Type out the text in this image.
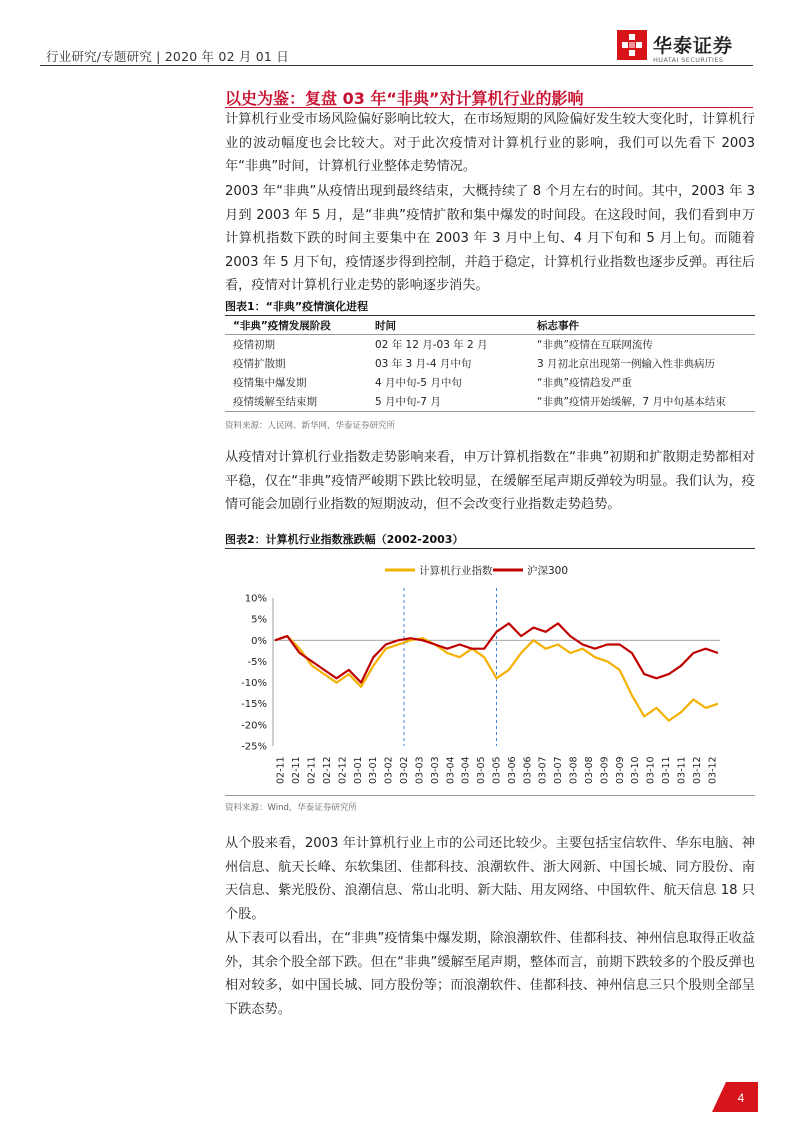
行业研究/专题研究 | 2020 年 02 月 01 日	华泰证券
HUATAI SECURITIES
以史为鉴：复盘 03 年“非典”对计算机行业的影响
计算机行业受市场风险偏好影响比较大，在市场短期的风险偏好发生较大变化时，计算机行业的波动幅度也会比较大。对于此次疫情对计算机行业的影响，我们可以先看下 2003 年“非典”时间，计算机行业整体走势情况。
2003 年“非典”从疫情出现到最终结束，大概持续了 8 个月左右的时间。其中，2003 年 3 月到 2003 年 5 月，是“非典”疫情扩散和集中爆发的时间段。在这段时间，我们看到申万计算机指数下跌的时间主要集中在 2003 年 3 月中上旬、4 月下旬和 5 月上旬。而随着 2003 年 5 月下旬，疫情逐步得到控制，并趋于稳定，计算机行业指数也逐步反弹。再往后看，疫情对计算机行业走势的影响逐步消失。
图表1：“非典”疫情演化进程
“非典”疫情发展阶段	时间	标志事件
疫情初期	02 年 12 月-03 年 2 月	“非典”疫情在互联网流传
疫情扩散期	03 年 3 月-4 月中旬	3 月初北京出现第一例输入性非典病历
疫情集中爆发期	4 月中旬-5 月中旬	“非典”疫情趋发严重
疫情缓解至结束期	5 月中旬-7 月	“非典”疫情开始缓解，7 月中旬基本结束
资料来源：人民网、新华网，华泰证券研究所
从疫情对计算机行业指数走势影响来看，申万计算机指数在“非典”初期和扩散期走势都相对平稳，仅在“非典”疫情严峻期下跌比较明显，在缓解至尾声期反弹较为明显。我们认为，疫情可能会加剧行业指数的短期波动，但不会改变行业指数走势趋势。
图表2：计算机行业指数涨跌幅（2002-2003）
计算机行业指数	沪深300
10%
5%
0%
-5%
-10%
-15%
-20%
-25%
02-11 02-11 02-11 02-12 02-12 03-01 03-01 03-02 03-02 03-03 03-03 03-04 03-04 03-05 03-05 03-06 03-06 03-07 03-07 03-08 03-08 03-09 03-09 03-10 03-10 03-11 03-11 03-12 03-12
资料来源：Wind，华泰证券研究所
从个股来看，2003 年计算机行业上市的公司还比较少。主要包括宝信软件、华东电脑、神州信息、航天长峰、东软集团、佳都科技、浪潮软件、浙大网新、中国长城、同方股份、南天信息、紫光股份、浪潮信息、常山北明、新大陆、用友网络、中国软件、航天信息 18 只个股。
从下表可以看出，在“非典”疫情集中爆发期，除浪潮软件、佳都科技、神州信息取得正收益外，其余个股全部下跌。但在“非典”缓解至尾声期，整体而言，前期下跌较多的个股反弹也相对较多，如中国长城、同方股份等；而浪潮软件、佳都科技、神州信息三只个股则全部呈下跌态势。
4
